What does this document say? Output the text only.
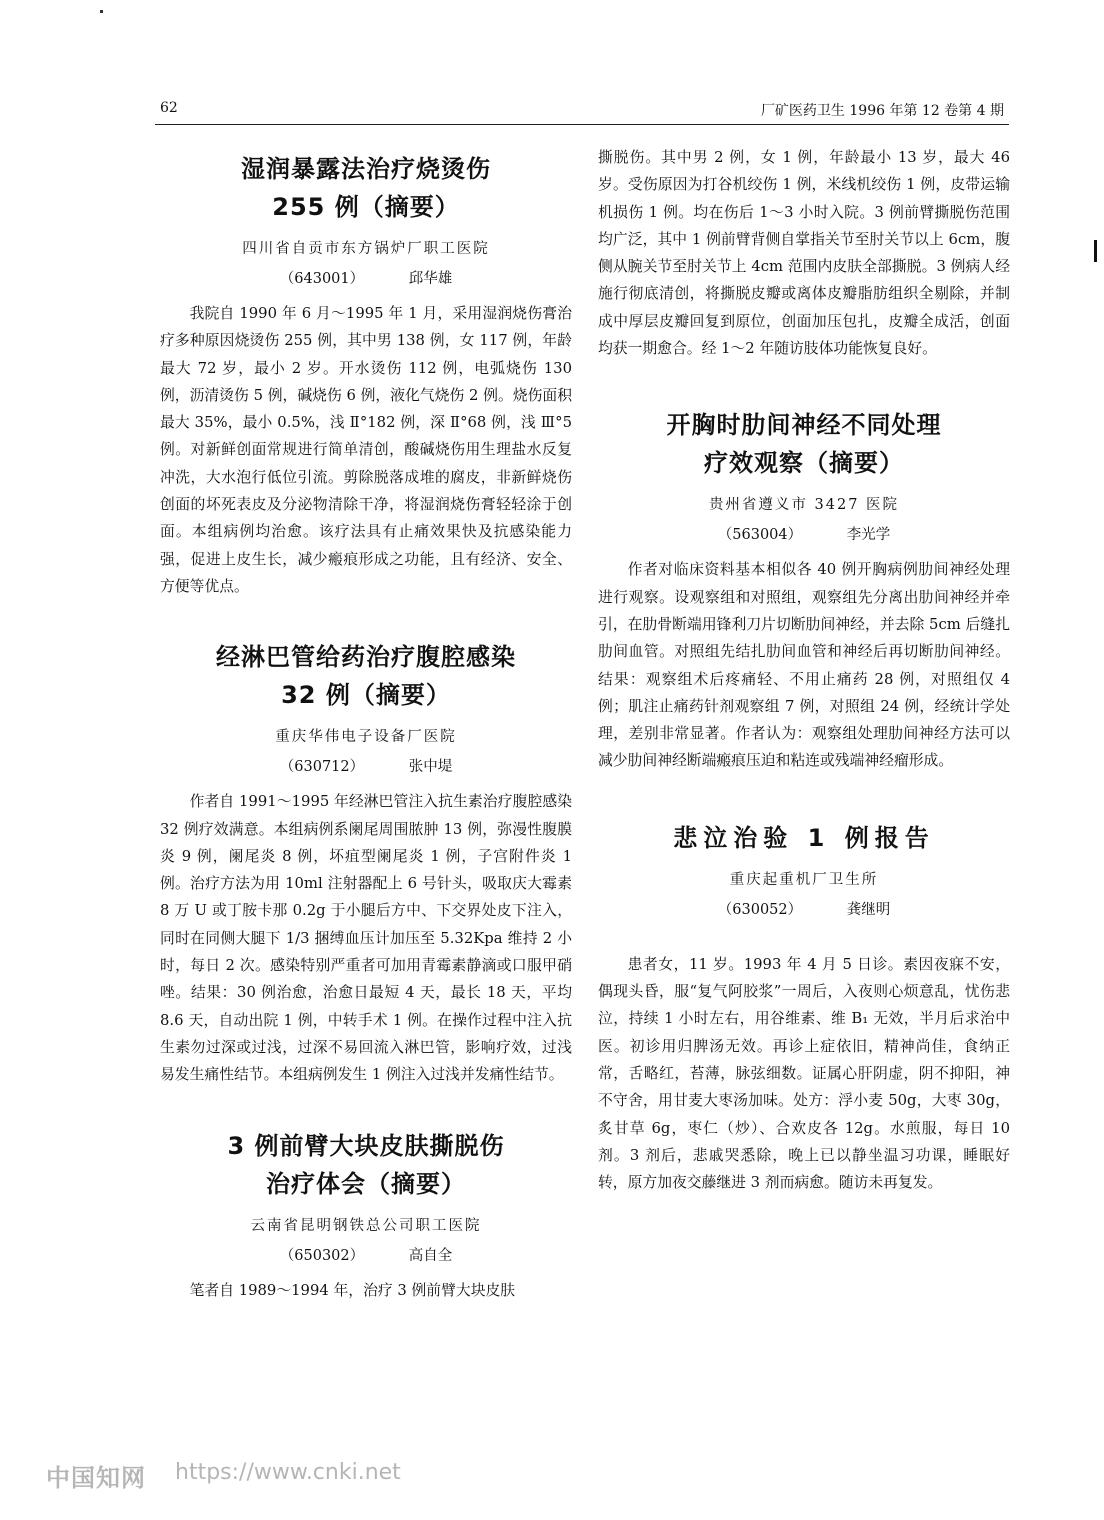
62	厂矿医药卫生 1996 年第 12 卷第 4 期
湿润暴露法治疗烧烫伤
255 例（摘要）
四川省自贡市东方锅炉厂职工医院
（643001）	邱华雄

我院自 1990 年 6 月～1995 年 1 月，采用湿润烧伤膏治疗多种原因烧烫伤 255 例，其中男 138 例，女 117 例，年龄最大 72 岁，最小 2 岁。开水烫伤 112 例，电弧烧伤 130 例，沥清烫伤 5 例，碱烧伤 6 例，液化气烧伤 2 例。烧伤面积最大 35%，最小 0.5%，浅 Ⅱ°182 例，深 Ⅱ°68 例，浅 Ⅲ°5 例。对新鲜创面常规进行简单清创，酸碱烧伤用生理盐水反复冲洗，大水泡行低位引流。剪除脱落成堆的腐皮，非新鲜烧伤创面的坏死表皮及分泌物清除干净，将湿润烧伤膏轻轻涂于创面。本组病例均治愈。该疗法具有止痛效果快及抗感染能力强，促进上皮生长，减少瘢痕形成之功能，且有经济、安全、方便等优点。

经淋巴管给药治疗腹腔感染
32 例（摘要）
重庆华伟电子设备厂医院
（630712）	张中堤

作者自 1991～1995 年经淋巴管注入抗生素治疗腹腔感染 32 例疗效满意。本组病例系阑尾周围脓肿 13 例，弥漫性腹膜炎 9 例，阑尾炎 8 例，坏疽型阑尾炎 1 例，子宫附件炎 1 例。治疗方法为用 10ml 注射器配上 6 号针头，吸取庆大霉素 8 万 U 或丁胺卡那 0.2g 于小腿后方中、下交界处皮下注入，同时在同侧大腿下 1/3 捆缚血压计加压至 5.32Kpa 维持 2 小时，每日 2 次。感染特别严重者可加用青霉素静滴或口服甲硝唑。结果：30 例治愈，治愈日最短 4 天，最长 18 天，平均 8.6 天，自动出院 1 例，中转手术 1 例。在操作过程中注入抗生素勿过深或过浅，过深不易回流入淋巴管，影响疗效，过浅易发生痛性结节。本组病例发生 1 例注入过浅并发痛性结节。

3 例前臂大块皮肤撕脱伤
治疗体会（摘要）
云南省昆明钢铁总公司职工医院
（650302）	高自全

笔者自 1989～1994 年，治疗 3 例前臂大块皮肤

撕脱伤。其中男 2 例，女 1 例，年龄最小 13 岁，最大 46 岁。受伤原因为打谷机绞伤 1 例，米线机绞伤 1 例，皮带运输机损伤 1 例。均在伤后 1～3 小时入院。3 例前臂撕脱伤范围均广泛，其中 1 例前臂背侧自掌指关节至肘关节以上 6cm，腹侧从腕关节至肘关节上 4cm 范围内皮肤全部撕脱。3 例病人经施行彻底清创，将撕脱皮瓣或离体皮瓣脂肪组织全剔除，并制成中厚层皮瓣回复到原位，创面加压包扎，皮瓣全成活，创面均获一期愈合。经 1～2 年随访肢体功能恢复良好。

开胸时肋间神经不同处理
疗效观察（摘要）
贵州省遵义市 3427 医院
（563004）	李光学

作者对临床资料基本相似各 40 例开胸病例肋间神经处理进行观察。设观察组和对照组，观察组先分离出肋间神经并牵引，在肋骨断端用锋利刀片切断肋间神经，并去除 5cm 后缝扎肋间血管。对照组先结扎肋间血管和神经后再切断肋间神经。结果：观察组术后疼痛轻、不用止痛药 28 例，对照组仅 4 例；肌注止痛药针剂观察组 7 例，对照组 24 例，经统计学处理，差别非常显著。作者认为：观察组处理肋间神经方法可以减少肋间神经断端瘢痕压迫和粘连或残端神经瘤形成。

悲泣治验 1 例报告
重庆起重机厂卫生所
（630052）	龚继明

患者女，11 岁。1993 年 4 月 5 日诊。素因夜寐不安，偶现头昏，服“复气阿胶浆”一周后，入夜则心烦意乱，忧伤悲泣，持续 1 小时左右，用谷维素、维 B₁ 无效，半月后求治中医。初诊用归脾汤无效。再诊上症依旧，精神尚佳，食纳正常，舌略红，苔薄，脉弦细数。证属心肝阴虚，阴不抑阳，神不守舍，用甘麦大枣汤加味。处方：浮小麦 50g，大枣 30g，炙甘草 6g，枣仁（炒）、合欢皮各 12g。水煎服，每日 10 剂。3 剂后，悲戚哭悉除，晚上已以静坐温习功课，睡眠好转，原方加夜交藤继进 3 剂而病愈。随访未再复发。

中国知网 https://www.cnki.net
